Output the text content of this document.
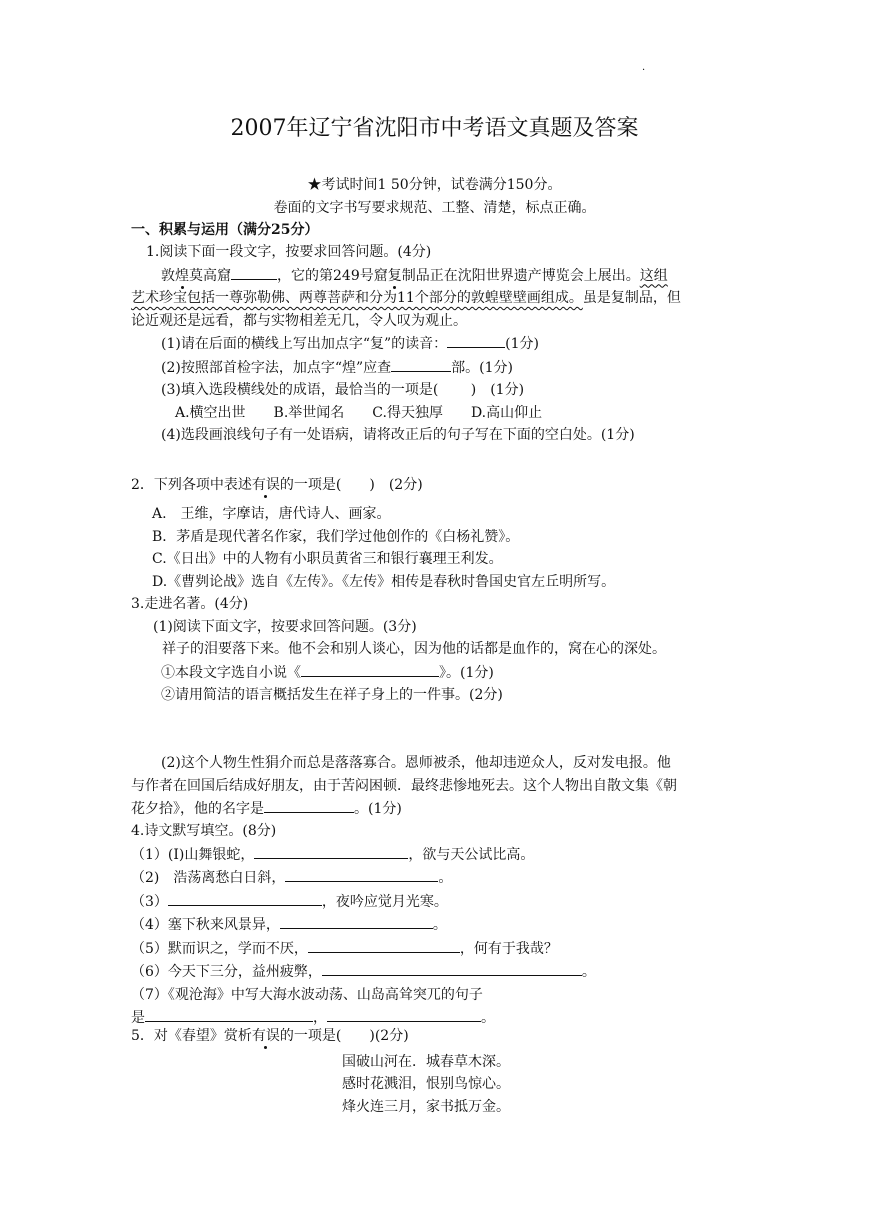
·
2007年辽宁省沈阳市中考语文真题及答案
★考试时间1 50分钟，试卷满分150分。
卷面的文字书写要求规范、工整、清楚，标点正确。
一、积累与运用（满分25分）
1.阅读下面一段文字，按要求回答问题。(4分)
敦煌莫高窟	，它的第249号窟复制品正在沈阳世界遗产博览会上展出。这组
艺术珍宝包括一尊弥勒佛、两尊菩萨和分为11个部分的敦蝗壁壁画组成。虽是复制品，但
论近观还是远看，都与实物相差无几，令人叹为观止。
(1)请在后面的横线上写出加点字“复”的读音：	(1分)
(2)按照部首检字法，加点字“煌”应查	部。(1分)
(3)填入选段横线处的成语，最恰当的一项是(　　 )　(1分)
A.横空出世　　B.举世闻名　　C.得天独厚　　D.高山仰止
(4)选段画浪线句子有一处语病，请将改正后的句子写在下面的空白处。(1分)
2．下列各项中表述有误的一项是(　　)　(2分)
A.　王维，字摩诘，唐代诗人、画家。
B．茅盾是现代著名作家，我们学过他创作的《白杨礼赞》。
C.《日出》中的人物有小职员黄省三和银行襄理王利发。
D.《曹刿论战》选自《左传》。《左传》相传是春秋时鲁国史官左丘明所写。
3.走进名著。(4分)
(1)阅读下面文字，按要求回答问题。(3分)
祥子的泪要落下来。他不会和别人谈心，因为他的话都是血作的，窝在心的深处。
①本段文字选自小说《	》。(1分)
②请用简洁的语言概括发生在祥子身上的一件事。(2分)
(2)这个人物生性狷介而总是落落寡合。恩师被杀，他却违逆众人，反对发电报。他
与作者在回国后结成好朋友，由于苦闷困顿．最终悲惨地死去。这个人物出自散文集《朝
花夕拾》，他的名字是	。(1分)
4.诗文默写填空。(8分)
（1）(I)山舞银蛇，	，欲与天公试比高。
（2)　浩荡离愁白日斜，	。
（3）	，夜吟应觉月光寒。
（4）塞下秋来风景异，	。
（5）默而识之，学而不厌，	，何有于我哉？
（6）今天下三分，益州疲弊，	。
（7）《观沧海》中写大海水波动荡、山岛高耸突兀的句子
是	，	。
5．对《春望》赏析有误的一项是(　　)(2分)
国破山河在．城春草木深。
感时花溅泪，恨别鸟惊心。
烽火连三月，家书抵万金。
